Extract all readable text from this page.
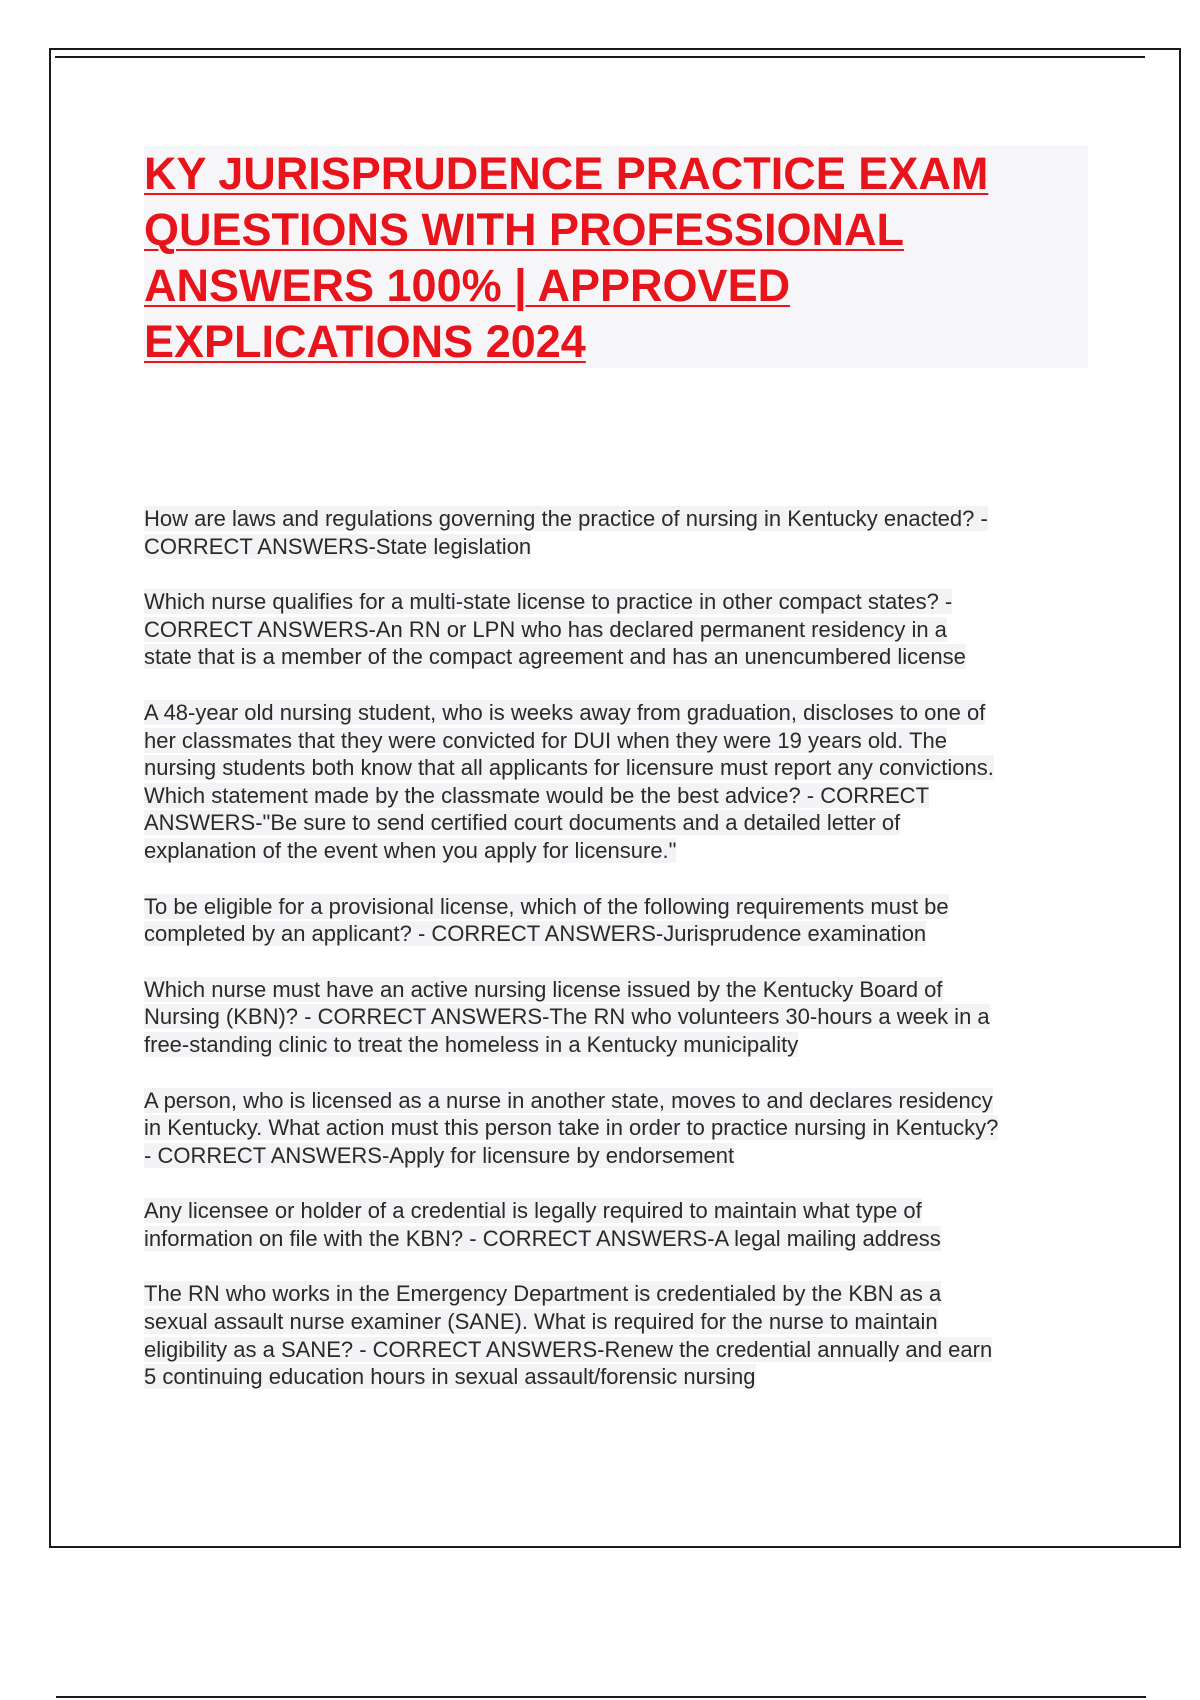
KY JURISPRUDENCE PRACTICE EXAM
QUESTIONS WITH PROFESSIONAL
ANSWERS 100% | APPROVED
EXPLICATIONS 2024
How are laws and regulations governing the practice of nursing in Kentucky enacted? -
CORRECT ANSWERS-State legislation
Which nurse qualifies for a multi-state license to practice in other compact states? -
CORRECT ANSWERS-An RN or LPN who has declared permanent residency in a
state that is a member of the compact agreement and has an unencumbered license
A 48-year old nursing student, who is weeks away from graduation, discloses to one of
her classmates that they were convicted for DUI when they were 19 years old. The
nursing students both know that all applicants for licensure must report any convictions.
Which statement made by the classmate would be the best advice? - CORRECT
ANSWERS-"Be sure to send certified court documents and a detailed letter of
explanation of the event when you apply for licensure."
To be eligible for a provisional license, which of the following requirements must be
completed by an applicant? - CORRECT ANSWERS-Jurisprudence examination
Which nurse must have an active nursing license issued by the Kentucky Board of
Nursing (KBN)? - CORRECT ANSWERS-The RN who volunteers 30-hours a week in a
free-standing clinic to treat the homeless in a Kentucky municipality
A person, who is licensed as a nurse in another state, moves to and declares residency
in Kentucky. What action must this person take in order to practice nursing in Kentucky?
- CORRECT ANSWERS-Apply for licensure by endorsement
Any licensee or holder of a credential is legally required to maintain what type of
information on file with the KBN? - CORRECT ANSWERS-A legal mailing address
The RN who works in the Emergency Department is credentialed by the KBN as a
sexual assault nurse examiner (SANE). What is required for the nurse to maintain
eligibility as a SANE? - CORRECT ANSWERS-Renew the credential annually and earn
5 continuing education hours in sexual assault/forensic nursing
